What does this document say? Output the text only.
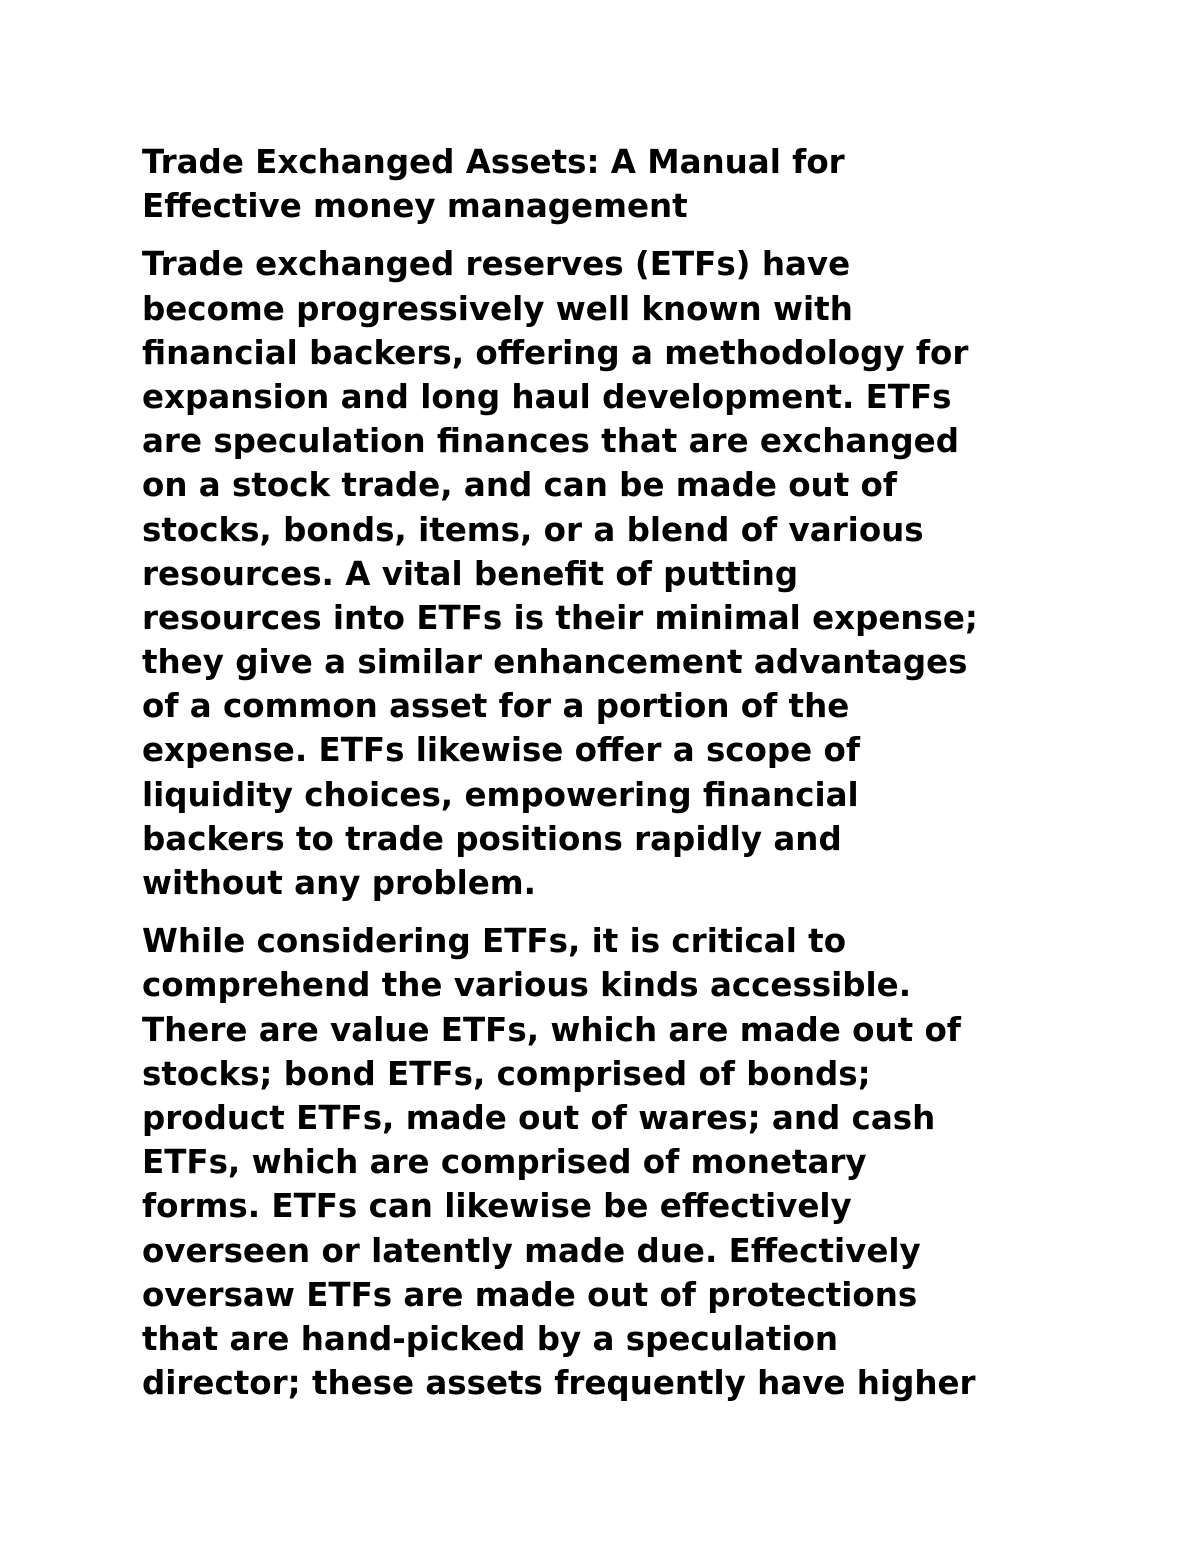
Trade Exchanged Assets: A Manual for
Effective money management
Trade exchanged reserves (ETFs) have
become progressively well known with
financial backers, offering a methodology for
expansion and long haul development. ETFs
are speculation finances that are exchanged
on a stock trade, and can be made out of
stocks, bonds, items, or a blend of various
resources. A vital benefit of putting
resources into ETFs is their minimal expense;
they give a similar enhancement advantages
of a common asset for a portion of the
expense. ETFs likewise offer a scope of
liquidity choices, empowering financial
backers to trade positions rapidly and
without any problem.
While considering ETFs, it is critical to
comprehend the various kinds accessible.
There are value ETFs, which are made out of
stocks; bond ETFs, comprised of bonds;
product ETFs, made out of wares; and cash
ETFs, which are comprised of monetary
forms. ETFs can likewise be effectively
overseen or latently made due. Effectively
oversaw ETFs are made out of protections
that are hand-picked by a speculation
director; these assets frequently have higher
